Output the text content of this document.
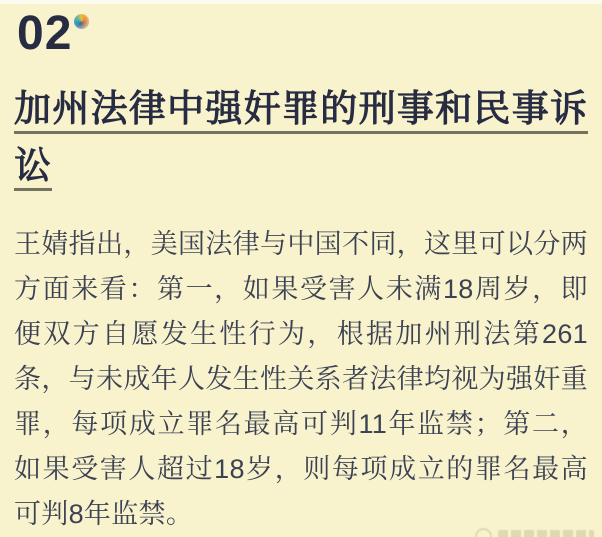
02
加州法律中强奸罪的刑事和民事诉讼

王婧指出，美国法律与中国不同，这里可以分两方面来看：第一，如果受害人未满18周岁，即便双方自愿发生性行为，根据加州刑法第261条，与未成年人发生性关系者法律均视为强奸重罪，每项成立罪名最高可判11年监禁；第二，如果受害人超过18岁，则每项成立的罪名最高可判8年监禁。
